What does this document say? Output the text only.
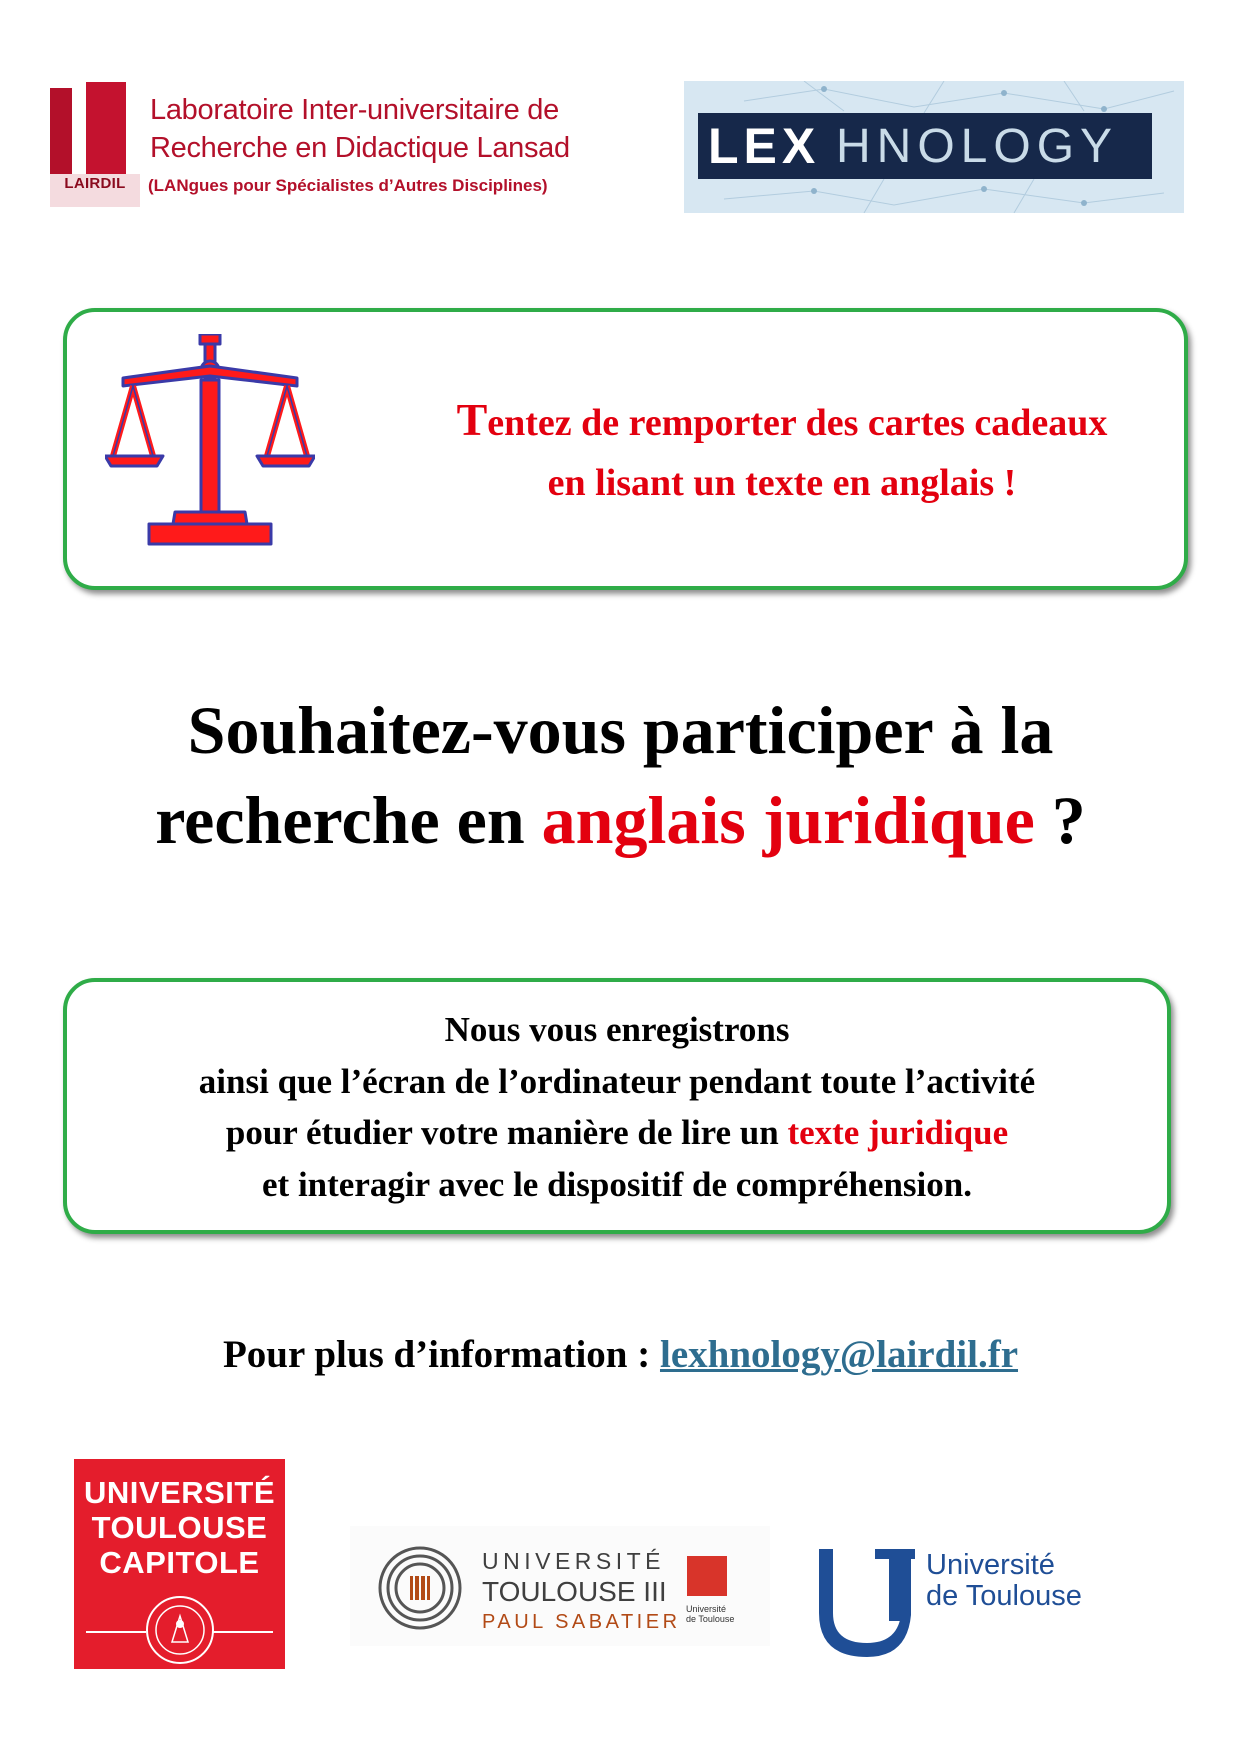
LAIRDIL
Laboratoire Inter-universitaire de
Recherche en Didactique Lansad
(LANgues pour Spécialistes d’Autres Disciplines)
LEX HNOLOGY
Tentez de remporter des cartes cadeaux
en lisant un texte en anglais !
Souhaitez-vous participer à la
recherche en anglais juridique ?
Nous vous enregistrons
ainsi que l’écran de l’ordinateur pendant toute l’activité
pour étudier votre manière de lire un texte juridique
et interagir avec le dispositif de compréhension.
Pour plus d’information : lexhnology@lairdil.fr
UNIVERSITÉ
TOULOUSE
CAPITOLE	UNIVERSITÉ
TOULOUSE III
PAUL SABATIER
Université
de Toulouse
Université
de Toulouse
